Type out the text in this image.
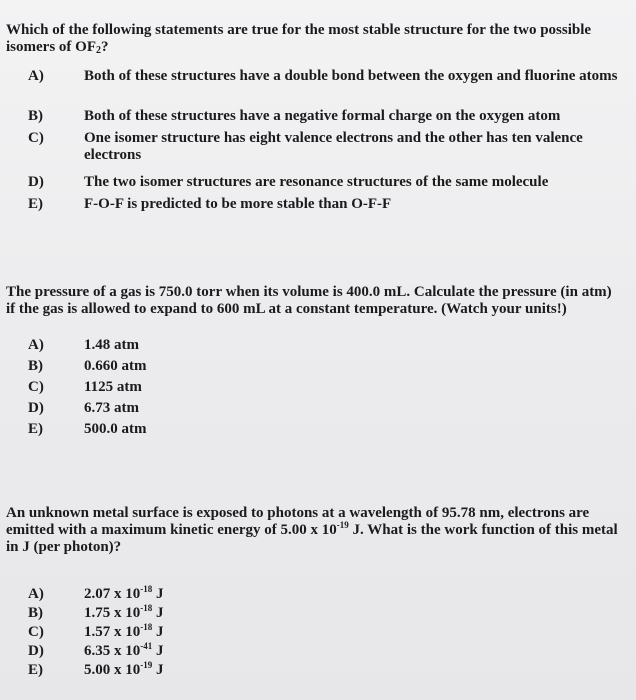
Which of the following statements are true for the most stable structure for the two possible isomers of $OF_2$?

A)	Both of these structures have a double bond between the oxygen and fluorine atoms
B)	Both of these structures have a negative formal charge on the oxygen atom
C)	One isomer structure has eight valence electrons and the other has ten valence electrons
D)	The two isomer structures are resonance structures of the same molecule
E)	F-O-F is predicted to be more stable than O-F-F

The pressure of a gas is 750.0 torr when its volume is 400.0 mL. Calculate the pressure (in atm) if the gas is allowed to expand to 600 mL at a constant temperature. (Watch your units!)

A)	1.48 atm
B)	0.660 atm
C)	1125 atm
D)	6.73 atm
E)	500.0 atm

An unknown metal surface is exposed to photons at a wavelength of 95.78 nm, electrons are emitted with a maximum kinetic energy of 5.00 x $10^{-19}$ J. What is the work function of this metal in J (per photon)?

A)	2.07 x $10^{-18}$ J
B)	1.75 x $10^{-18}$ J
C)	1.57 x $10^{-18}$ J
D)	6.35 x $10^{-41}$ J
E)	5.00 x $10^{-19}$ J
